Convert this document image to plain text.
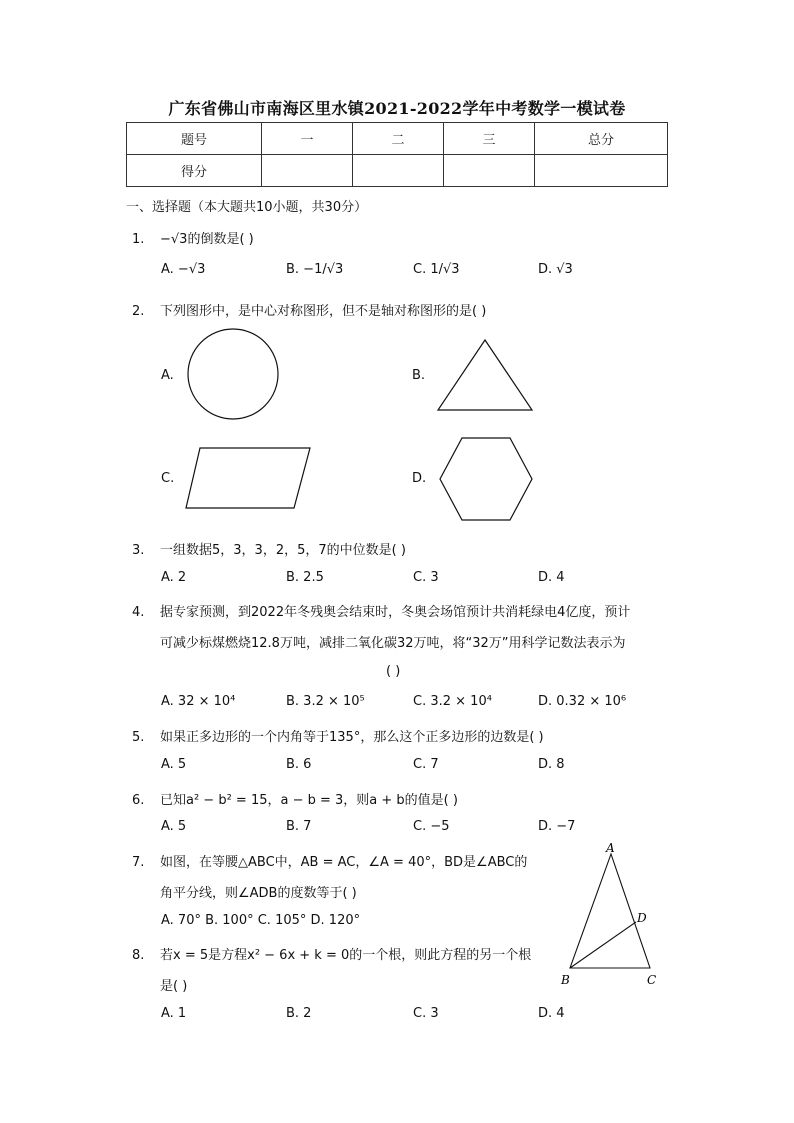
广东省佛山市南海区里水镇2021-2022学年中考数学一模试卷
题号	一	二	三	总分
得分				
一、选择题（本大题共10小题，共30分）
1. −√3的倒数是( )
A. −√3	B. −1/√3	C. 1/√3	D. √3
2. 下列图形中，是中心对称图形，但不是轴对称图形的是( )
A.	B.
C.	D.
3. 一组数据5，3，3，2，5，7的中位数是( )
A. 2	B. 2.5	C. 3	D. 4
4. 据专家预测，到2022年冬残奥会结束时，冬奥会场馆预计共消耗绿电4亿度，预计
可减少标煤燃烧12.8万吨，减排二氧化碳32万吨，将“32万”用科学记数法表示为
( )
A. 32 × 10⁴	B. 3.2 × 10⁵	C. 3.2 × 10⁴	D. 0.32 × 10⁶
5. 如果正多边形的一个内角等于135°，那么这个正多边形的边数是( )
A. 5	B. 6	C. 7	D. 8
6. 已知a² − b² = 15，a − b = 3，则a + b的值是( )
A. 5	B. 7	C. −5	D. −7
7. 如图，在等腰△ABC中，AB = AC，∠A = 40°，BD是∠ABC的
角平分线，则∠ADB的度数等于( )
A. 70° B. 100° C. 105° D. 120°
A
B	C
D
8. 若x = 5是方程x² − 6x + k = 0的一个根，则此方程的另一个根
是( )
A. 1	B. 2	C. 3	D. 4
